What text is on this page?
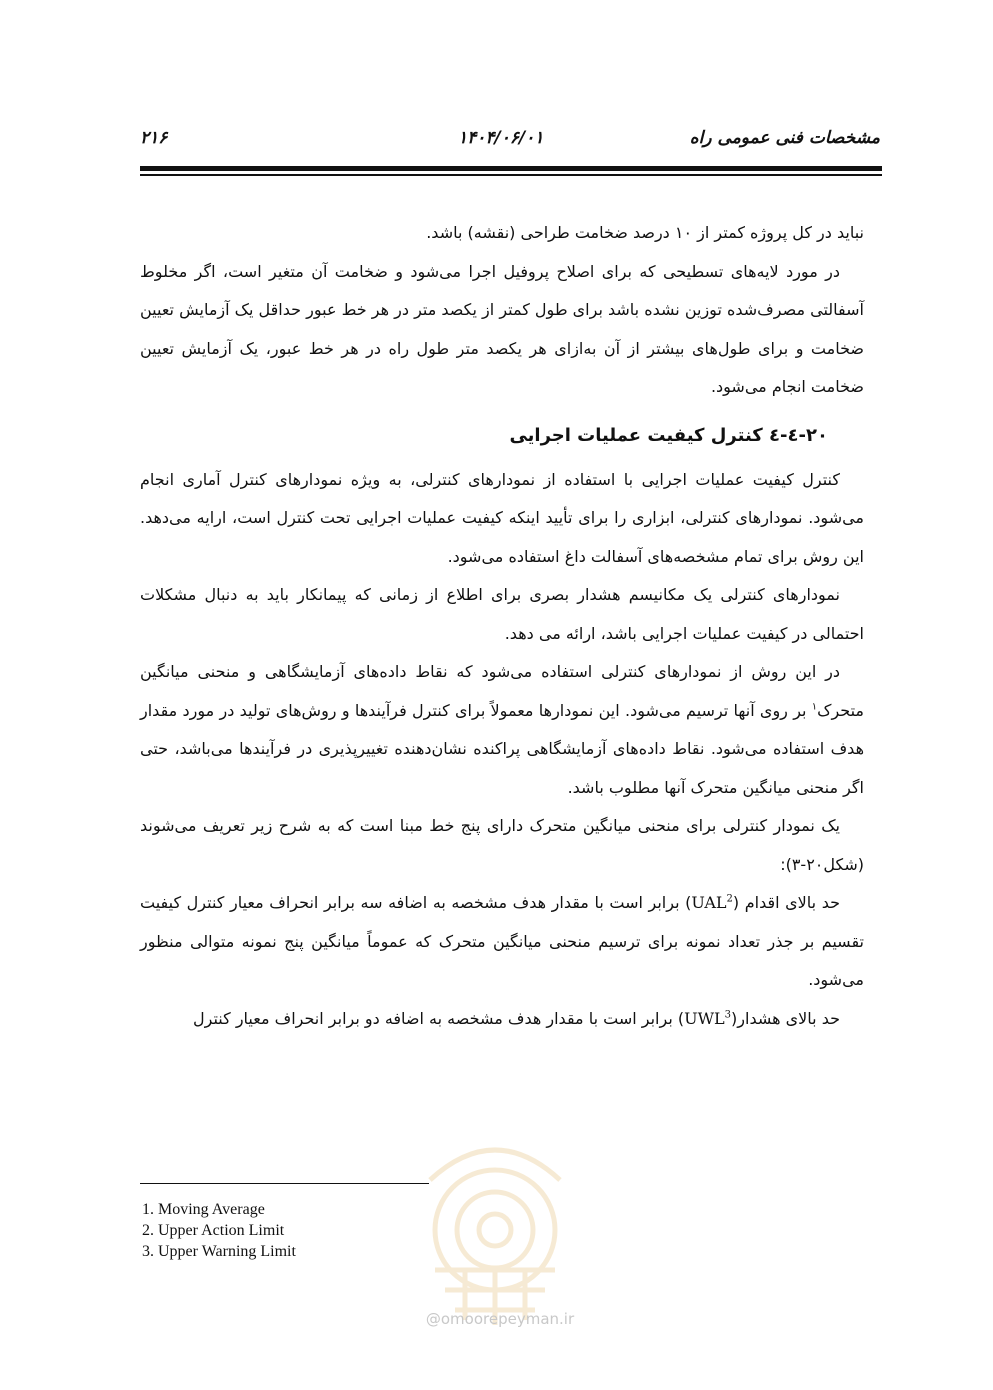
۲۱۶	۱۴۰۴/۰۶/۰۱	مشخصات فنی عمومی راه

نباید در کل پروژه کمتر از ۱۰ درصد ضخامت طراحی (نقشه) باشد.

در مورد لایه‌های تسطیحی که برای اصلاح پروفیل اجرا می‌شود و ضخامت آن متغیر است، اگر مخلوط آسفالتی مصرف‌شده توزین نشده باشد برای طول کمتر از یکصد متر در هر خط عبور حداقل یک آزمایش تعیین ضخامت و برای طول‌های بیشتر از آن به‌ازای هر یکصد متر طول راه در هر خط عبور، یک آزمایش تعیین ضخامت انجام می‌شود.

۲۰-٤-٤ کنترل کیفیت عملیات اجرایی

کنترل کیفیت عملیات اجرایی با استفاده از نمودارهای کنترلی، به ویژه نمودارهای کنترل آماری انجام می‌شود. نمودارهای کنترلی، ابزاری را برای تأیید اینکه کیفیت عملیات اجرایی تحت کنترل است، ارایه می‌دهد. این روش برای تمام مشخصه‌های آسفالت داغ استفاده می‌شود.

نمودارهای کنترلی یک مکانیسم هشدار بصری برای اطلاع از زمانی که پیمانکار باید به دنبال مشکلات احتمالی در کیفیت عملیات اجرایی باشد، ارائه می دهد.

در این روش از نمودارهای کنترلی استفاده می‌شود که نقاط داده‌های آزمایشگاهی و منحنی میانگین متحرک$^۱$ بر روی آنها ترسیم می‌شود. این نمودارها معمولاً برای کنترل فرآیندها و روش‌های تولید در مورد مقدار هدف استفاده می‌شود. نقاط داده‌های آزمایشگاهی پراکنده نشان‌دهنده تغییرپذیری در فرآیندها می‌باشد، حتی اگر منحنی میانگین متحرک آنها مطلوب باشد.

یک نمودار کنترلی برای منحنی میانگین متحرک دارای پنج خط مبنا است که به شرح زیر تعریف می‌شوند (شکل۲۰-۳):

حد بالای اقدام (UAL$^2$) برابر است با مقدار هدف مشخصه به اضافه سه برابر انحراف معیار کنترل کیفیت تقسیم بر جذر تعداد نمونه برای ترسیم منحنی میانگین متحرک که عموماً میانگین پنج نمونه متوالی منظور می‌شود.

حد بالای هشدار(UWL$^3$) برابر است با مقدار هدف مشخصه به اضافه دو برابر انحراف معیار کنترل

1. Moving Average
2. Upper Action Limit
3. Upper Warning Limit
@omoorepeyman.ir
